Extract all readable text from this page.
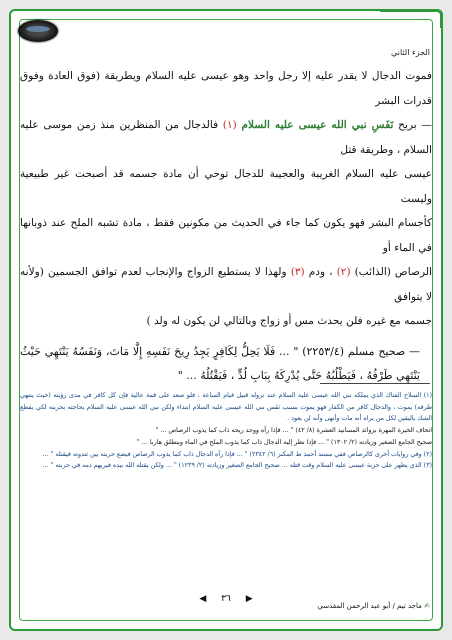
الجزء الثاني

فموت الدجال لا يقدر عليه إلا رجل واحد وهو عيسى عليه السلام ويطريقة (فوق العادة وفوق قدرات البشر

— بريح نَفَسِ نبي الله عيسى عليه السلام (١) فالدجال من المنظرين منذ زمن موسى عليه السلام ، وطريقة قتل

عيسى عليه السلام الغريبة والعجيبة للدجال توحي أن مادة جسمه قد أصبحت غير طبيعية وليست

كأجسام البشر فهو يكون كما جاء في الحديث من مكونين فقط ، مادة تشبه الملح عند ذوبانها في الماء أو

الرصاص (الذائب) (٢) ، ودم (٣) ولهذا لا يستطيع الزواج والإنجاب لعدم توافق الجسمين (ولأنه لا يتوافق

جسمه مع غيره فلن يحدث مس أو زواج وبالتالي لن يكون له ولد )

— صحيح مسلم (٢٢٥٣/٤) " ... فَلَا يَحِلُّ لِكَافِرٍ يَجِدُ رِيحَ نَفَسِهِ إِلَّا مَاتَ، وَنَفَسُهُ يَنْتَهِي حَيْثُ يَنْتَهِي طَرْفُهُ ، فَيَطْلُبُهُ حَتَّى يُدْرِكَهُ بِبَابِ لُدٍّ ، فَيَقْتُلُهُ ... "

(١) السلاح الفتاك الذي يملكه نبي الله عيسى عليه السلام عند نزوله قبيل قيام الساعة ، فلو صعد على قمة عالية فإن كل كافر في مدى رؤيته (حيث ينتهي طرفه) يموت ، والدجال كافر من الكفار فهو يموت بسبب نَفَس نبي الله عيسى عليه السلام ابتداء ولكن نبي الله عيسى عليه السلام بحاجته بحربته لكي يقطع الشك باليقين لكل من يراه أنه مات وأنهى وأنه لن يعود .

اتحاف الخيرة المهرة بزوائد المسانيد العشرة (٨/ ٤٢) " ... فإذا رآه ووجد ريحه ذاب كما يذوب الرصاص ... "

صحيح الجامع الصغير وزيادته (٢/ ١٣٠٢) " ... فإذا نظر إليه الدجال ذاب كما يذوب الملح في الماء وينطلق هاربا ... "

(٢) وفي روايات أخرى كالرصاص ففي مسند أحمد ط المكنز (٦/ ٢٣٤٢) " ... فإذا رآه الدجال ذاب كما يذوب الرصاص فيضع حربته بين ثندوته فيقتله " ...

(٣) الذي يظهر على حربة عيسى عليه السلام وقت قتله ... صحيح الجامع الصغير وزيادته (٢/ ١٢٣٩) " ... ولكن يقتله الله بيده فيريهم دمه في حربته " ...

◀ ٣٦ ▶
✍ ماجد تيم / أبو عبد الرحمن المقدسي
